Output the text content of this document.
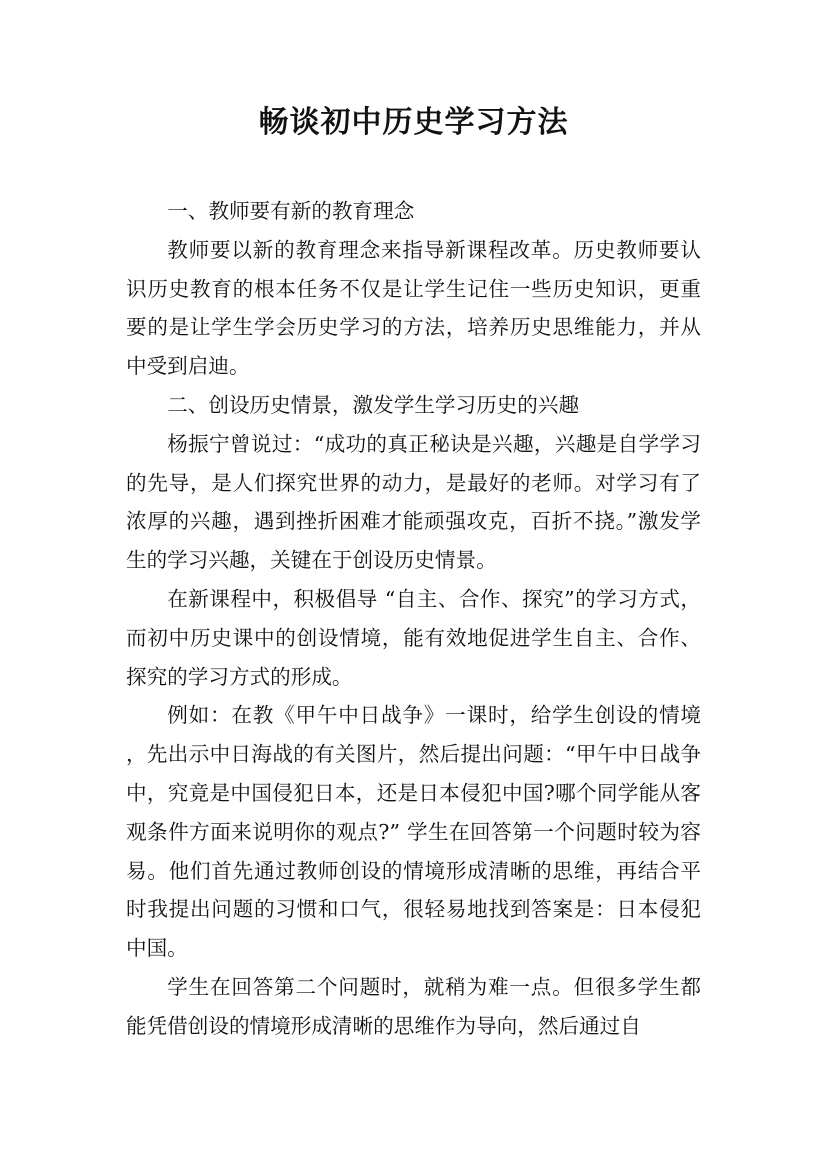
畅谈初中历史学习方法

一、教师要有新的教育理念

教师要以新的教育理念来指导新课程改革。历史教师要认识历史教育的根本任务不仅是让学生记住一些历史知识，更重要的是让学生学会历史学习的方法，培养历史思维能力，并从中受到启迪。

二、创设历史情景，激发学生学习历史的兴趣

杨振宁曾说过：“成功的真正秘诀是兴趣，兴趣是自学学习的先导，是人们探究世界的动力，是最好的老师。对学习有了浓厚的兴趣，遇到挫折困难才能顽强攻克，百折不挠。”激发学生的学习兴趣，关键在于创设历史情景。

在新课程中，积极倡导 “自主、合作、探究”的学习方式，而初中历史课中的创设情境，能有效地促进学生自主、合作、探究的学习方式的形成。

例如：在教《甲午中日战争》一课时，给学生创设的情境，先出示中日海战的有关图片，然后提出问题：“甲午中日战争中，究竟是中国侵犯日本，还是日本侵犯中国?哪个同学能从客观条件方面来说明你的观点?” 学生在回答第一个问题时较为容易。他们首先通过教师创设的情境形成清晰的思维，再结合平时我提出问题的习惯和口气，很轻易地找到答案是：日本侵犯中国。

学生在回答第二个问题时，就稍为难一点。但很多学生都能凭借创设的情境形成清晰的思维作为导向，然后通过自
